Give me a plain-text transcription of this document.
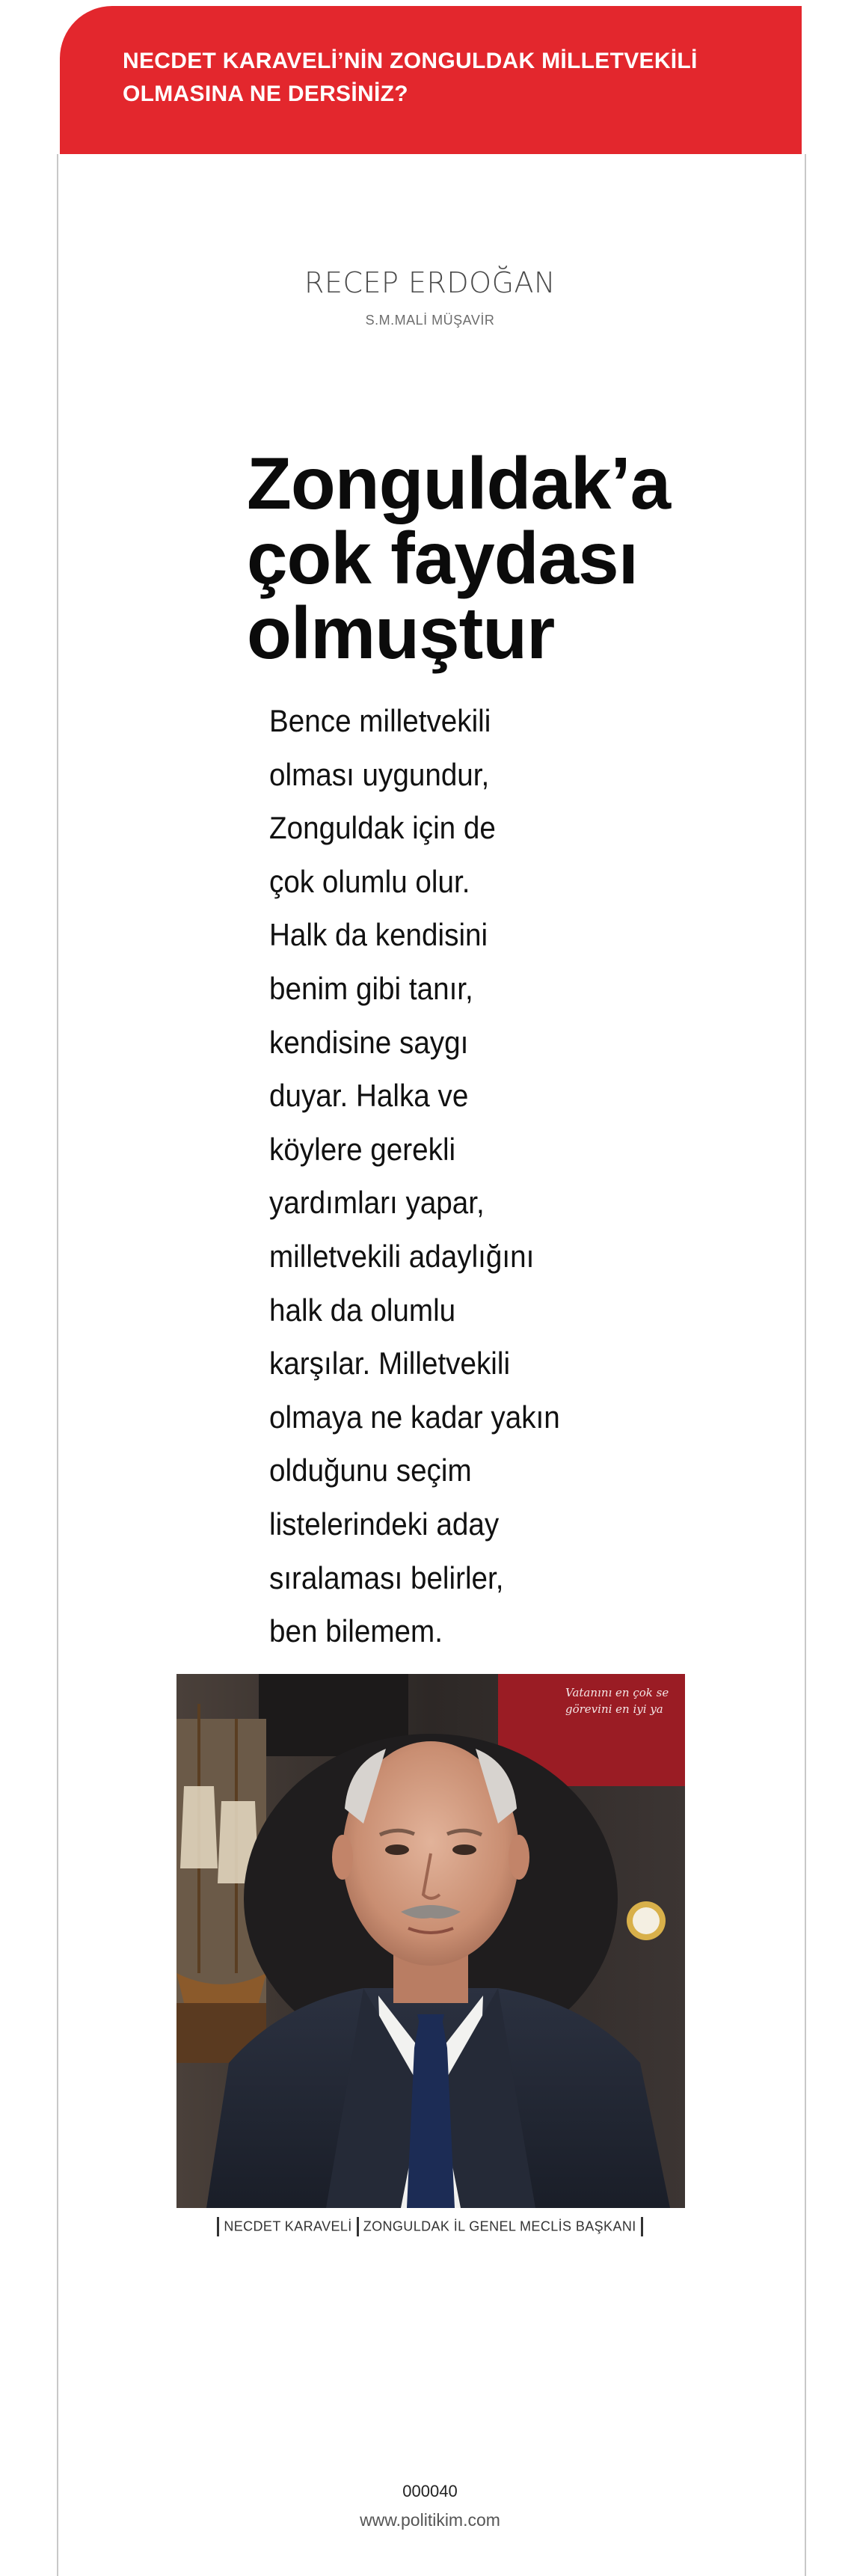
NECDET KARAVELİ’NİN ZONGULDAK MİLLETVEKİLİ OLMASINA NE DERSİNİZ?
RECEP ERDOĞAN
S.M.MALİ MÜŞAVİR
Zonguldak’a
çok faydası
olmuştur
Bence milletvekili
olması uygundur,
Zonguldak için de
çok olumlu olur.
Halk da kendisini
benim gibi tanır,
kendisine saygı
duyar. Halka ve
köylere gerekli
yardımları yapar,
milletvekili adaylığını
halk da olumlu
karşılar. Milletvekili
olmaya ne kadar yakın
olduğunu seçim
listelerindeki aday
sıralaması belirler,
ben bilemem.
Vatanını en çok se
görevini en iyi ya
NECDET KARAVELİ ZONGULDAK İL GENEL MECLİS BAŞKANI
000040
www.politikim.com
